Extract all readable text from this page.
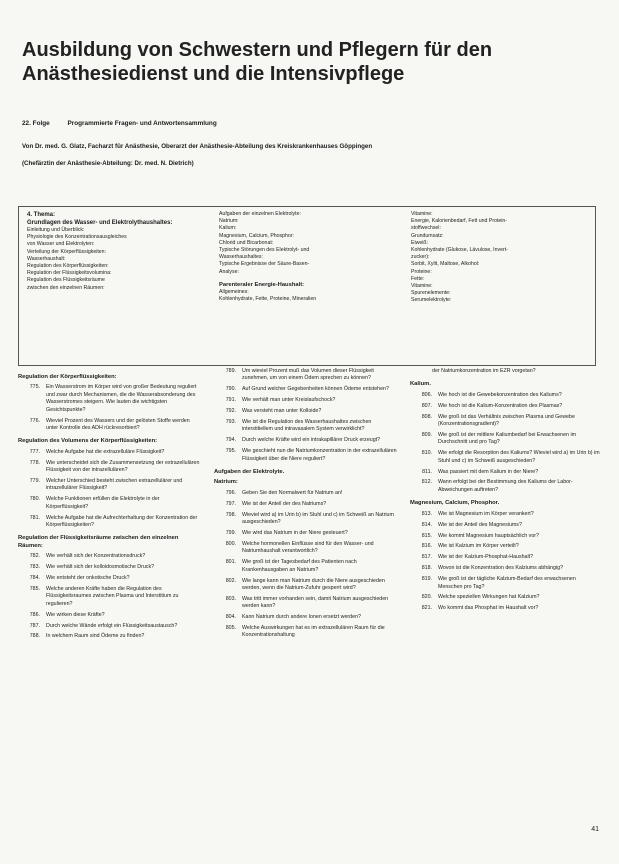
Ausbildung von Schwestern und Pflegern für den Anästhesiedienst und die Intensivpflege
22. Folge	Programmierte Fragen- und Antwortensammlung
Von Dr. med. G. Glatz, Facharzt für Anästhesie, Oberarzt der Anästhesie-Abteilung des Kreiskrankenhauses Göppingen
(Chefärztin der Anästhesie-Abteilung: Dr. med. N. Dietrich)
4. Thema:
Grundlagen des Wasser- und Elektrolythaushaltes:
Einleitung und Überblick:
Physiologie des Konzentrationsausgleiches
von Wasser und Elektrolyten:
Verteilung der Körperflüssigkeiten:
Wasserhaushalt:
Regulation des Körperflüssigkeiten:
Regulation der Flüssigkeitsvolumina:
Regulation des Flüssigkeitsräume
zwischen den einzelnen Räumen:
Aufgaben der einzelnen Elektrolyte:
Natrium:
Kalium:
Magnesium, Calcium, Phosphor:
Chlorid und Bicarbonat:
Typische Störungen des Elektrolyt- und
Wasserhaushaltes:
Typische Ergebnisse der Säure-Basen-
Analyse:
Parenteraler Energie-Haushalt:
Allgemeines:
Kohlenhydrate, Fette, Proteine, Mineralien
Vitamine:
Energie, Kalorienbedarf, Fett und Protein-
stoffwechsel:
Grundumsatz:
Eiweiß:
Kohlenhydrate (Glukose, Lävulose, Invert-
zucker):
Sorbit, Xylit, Maltose, Alkohol:
Proteine:
Fette:
Vitamine:
Spurenelemente:
Serumelektrolyte:
Regulation der Körperflüssigkeiten:
775.	Ein Wasserstrom im Körper wird von großer Bedeutung reguliert und zwar durch Mechanismen, die die Wasserabsonderung des Wasserstromes steigern. Wie lauten die wichtigsten Gesichtspunkte?
776.	Wieviel Prozent des Wassers und der gelösten Stoffe werden unter Kontrolle des ADH rückresorbiert?
Regulation des Volumens der Körperflüssigkeiten:
777.	Welche Aufgabe hat die extrazelluläre Flüssigkeit?
778.	Wie unterscheidet sich die Zusammensetzung der extrazellulären Flüssigkeit von der intrazellulären?
779.	Welcher Unterschied besteht zwischen extrazellulärer und intrazellulärer Flüssigkeit?
780.	Welche Funktionen erfüllen die Elektrolyte in der Körperflüssigkeit?
781.	Welche Aufgabe hat die Aufrechterhaltung der Konzentration der Körperflüssigkeiten?
Regulation der Flüssigkeitsräume zwischen den einzelnen Räumen:
782.	Wie verhält sich der Konzentrationsdruck?
783.	Wie verhält sich der kolloidosmotische Druck?
784.	Wie entsteht der onkotische Druck?
785.	Welche anderen Kräfte haben die Regulation des Flüssigkeitsraumes zwischen Plasma und Interstitium zu regulieren?
786.	Wie wirken diese Kräfte?
787.	Durch welche Wände erfolgt ein Flüssigkeitsaustausch?
788.	In welchem Raum sind Ödeme zu finden?
789.	Um wieviel Prozent muß das Volumen dieser Flüssigkeit zunehmen, um von einem Ödem sprechen zu können?
790.	Auf Grund welcher Gegebenheiten können Ödeme entstehen?
791.	Wie verhält man unter Kreislaufschock?
792.	Was versteht man unter Kolloide?
793.	Wie ist die Regulation des Wasserhaushaltes zwischen interstitiellem und intravasalem System verwirklicht?
794.	Durch welche Kräfte wird ein intrakapillärer Druck erzeugt?
795.	Wie geschieht nun die Natriumkonzentration in der extrazellulären Flüssigkeit über die Niere reguliert?
Aufgaben der Elektrolyte.
Natrium:
796.	Geben Sie den Normalwert für Natrium an!
797.	Wie ist der Anteil der des Natriums?
798.	Wieviel wird a) im Urin b) im Stuhl und c) im Schweiß an Natrium ausgeschieden?
799.	Wie wird das Natrium in der Niere gesteuert?
800.	Welche hormonellen Einflüsse sind für den Wasser- und Natriumhaushalt verantwortlich?
801.	Wie groß ist der Tagesbedarf des Patienten nach Krankenhausgaben an Natrium?
802.	Wie lange kann man Natrium durch die Niere ausgeschieden werden, wenn die Natrium-Zufuhr gesperrt wird?
803.	Was tritt immer vorhanden sein, damit Natrium ausgeschieden werden kann?
804.	Kann Natrium durch andere Ionen ersetzt werden?
805.	Welche Auswirkungen hat es im extrazellulären Raum für die Konzentrationshaltung
der Natriumkonzentration im EZR vorgetan?
Kalium.
806.	Wie hoch ist die Gewebekonzentration des Kaliums?
807.	Wie hoch ist die Kalium-Konzentration des Plasmas?
808.	Wie groß ist das Verhältnis zwischen Plasma und Gewebe (Konzentrationsgradient)?
809.	Wie groß ist der mittlere Kaliumbedarf bei Erwachsenen im Durchschnitt und pro Tag?
810.	Wie erfolgt die Resorption des Kaliums? Wieviel wird a) im Urin b) im Stuhl und c) im Schweiß ausgeschieden?
811.	Was passiert mit dem Kalium in der Niere?
812.	Wann erfolgt bei der Bestimmung des Kaliums der Labor-Abweichungen auftreten?
Magnesium, Calcium, Phosphor.
813.	Wie ist Magnesium im Körper verankert?
814.	Wie ist der Anteil des Magnesiums?
815.	Wie kommt Magnesium hauptsächlich vor?
816.	Wie ist Kalzium im Körper verteilt?
817.	Wie ist der Kalzium-Phosphat-Haushalt?
818.	Wovon ist die Konzentration des Kalziums abhängig?
819.	Wie groß ist der tägliche Kalzium-Bedarf des erwachsenen Menschen pro Tag?
820.	Welche speziellen Wirkungen hat Kalzium?
821.	Wo kommt das Phosphat im Haushalt vor?
41
